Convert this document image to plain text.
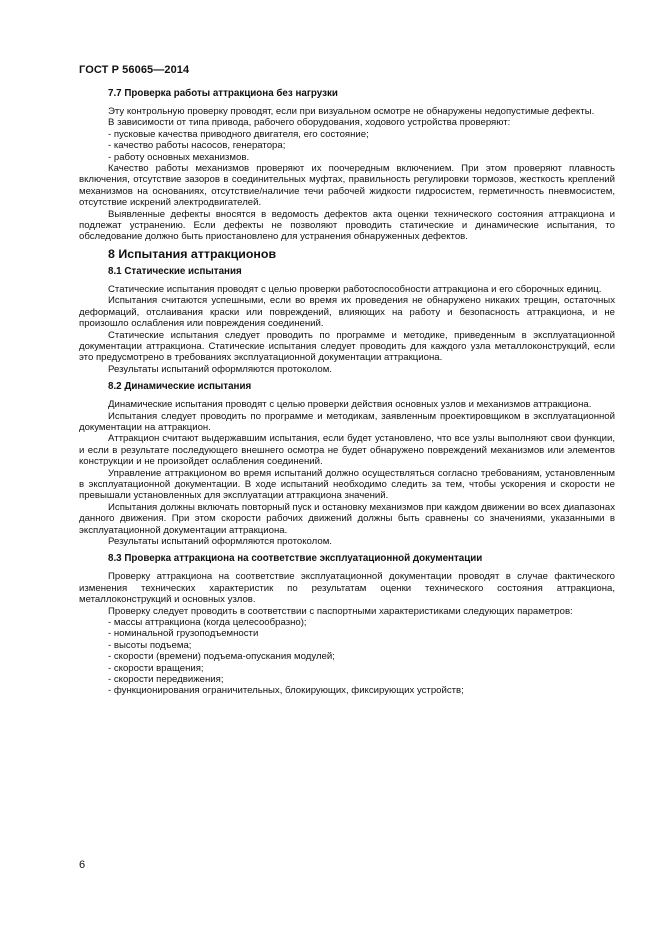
ГОСТ Р 56065—2014
7.7 Проверка работы аттракциона без нагрузки

Эту контрольную проверку проводят, если при визуальном осмотре не обнаружены недопустимые дефекты.

В зависимости от типа привода, рабочего оборудования, ходового устройства проверяют:

- пусковые качества приводного двигателя, его состояние;

- качество работы насосов, генератора;

- работу основных механизмов.

Качество работы механизмов проверяют их поочередным включением. При этом проверяют плавность включения, отсутствие зазоров в соединительных муфтах, правильность регулировки тормозов, жесткость креплений механизмов на основаниях, отсутствие/наличие течи рабочей жидкости гидросистем, герметичность пневмосистем, отсутствие искрений электродвигателей.

Выявленные дефекты вносятся в ведомость дефектов акта оценки технического состояния аттракциона и подлежат устранению. Если дефекты не позволяют проводить статические и динамические испытания, то обследование должно быть приостановлено для устранения обнаруженных дефектов.

8 Испытания аттракционов
8.1 Статические испытания

Статические испытания проводят с целью проверки работоспособности аттракциона и его сборочных единиц.

Испытания считаются успешными, если во время их проведения не обнаружено никаких трещин, остаточных деформаций, отслаивания краски или повреждений, влияющих на работу и безопасность аттракциона, и не произошло ослабления или повреждения соединений.

Статические испытания следует проводить по программе и методике, приведенным в эксплуатационной документации аттракциона. Статические испытания следует проводить для каждого узла металлоконструкций, если это предусмотрено в требованиях эксплуатационной документации аттракциона.

Результаты испытаний оформляются протоколом.

8.2 Динамические испытания

Динамические испытания проводят с целью проверки действия основных узлов и механизмов аттракциона.

Испытания следует проводить по программе и методикам, заявленным проектировщиком в эксплуатационной документации на аттракцион.

Аттракцион считают выдержавшим испытания, если будет установлено, что все узлы выполняют свои функции, и если в результате последующего внешнего осмотра не будет обнаружено повреждений механизмов или элементов конструкции и не произойдет ослабления соединений.

Управление аттракционом во время испытаний должно осуществляться согласно требованиям, установленным в эксплуатационной документации. В ходе испытаний необходимо следить за тем, чтобы ускорения и скорости не превышали установленных для эксплуатации аттракциона значений.

Испытания должны включать повторный пуск и остановку механизмов при каждом движении во всех диапазонах данного движения. При этом скорости рабочих движений должны быть сравнены со значениями, указанными в эксплуатационной документации аттракциона.

Результаты испытаний оформляются протоколом.

8.3 Проверка аттракциона на соответствие эксплуатационной документации

Проверку аттракциона на соответствие эксплуатационной документации проводят в случае фактического изменения технических характеристик по результатам оценки технического состояния аттракциона, металлоконструкций и основных узлов.

Проверку следует проводить в соответствии с паспортными характеристиками следующих параметров:

- массы аттракциона (когда целесообразно);

- номинальной грузоподъемности

- высоты подъема;

- скорости (времени) подъема-опускания модулей;

- скорости вращения;

- скорости передвижения;

- функционирования ограничительных, блокирующих, фиксирующих устройств;

6
